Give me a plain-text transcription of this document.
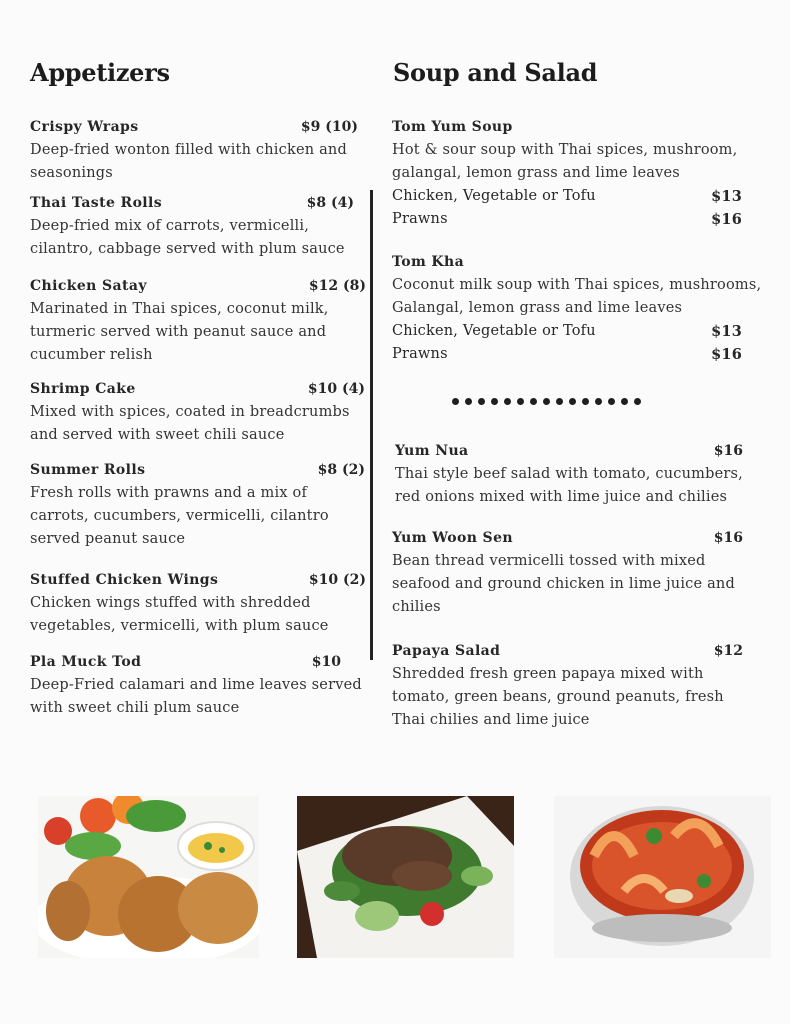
Appetizers	Soup and Salad
Crispy Wraps	$9 (10)
Deep-fried wonton filled with chicken and
seasonings
Thai Taste Rolls	$8 (4)
Deep-fried mix of carrots, vermicelli,
cilantro, cabbage served with plum sauce
Chicken Satay	$12 (8)
Marinated in Thai spices, coconut milk,
turmeric served with peanut sauce and
cucumber relish
Shrimp Cake	$10 (4)
Mixed with spices, coated in breadcrumbs
and served with sweet chili sauce
Summer Rolls	$8 (2)
Fresh rolls with prawns and a mix of
carrots, cucumbers, vermicelli, cilantro
served peanut sauce
Stuffed Chicken Wings	$10 (2)
Chicken wings stuffed with shredded
vegetables, vermicelli, with plum sauce
Pla Muck Tod	$10
Deep-Fried calamari and lime leaves served
with sweet chili plum sauce
Tom Yum Soup
Hot & sour soup with Thai spices, mushroom,
galangal, lemon grass and lime leaves
Chicken, Vegetable or Tofu	$13
Prawns	$16
Tom Kha
Coconut milk soup with Thai spices, mushrooms,
Galangal, lemon grass and lime leaves
Chicken, Vegetable or Tofu	$13
Prawns	$16
Yum Nua	$16
Thai style beef salad with tomato, cucumbers,
red onions mixed with lime juice and chilies
Yum Woon Sen	$16
Bean thread vermicelli tossed with mixed
seafood and ground chicken in lime juice and
chilies
Papaya Salad	$12
Shredded fresh green papaya mixed with
tomato, green beans, ground peanuts, fresh
Thai chilies and lime juice
